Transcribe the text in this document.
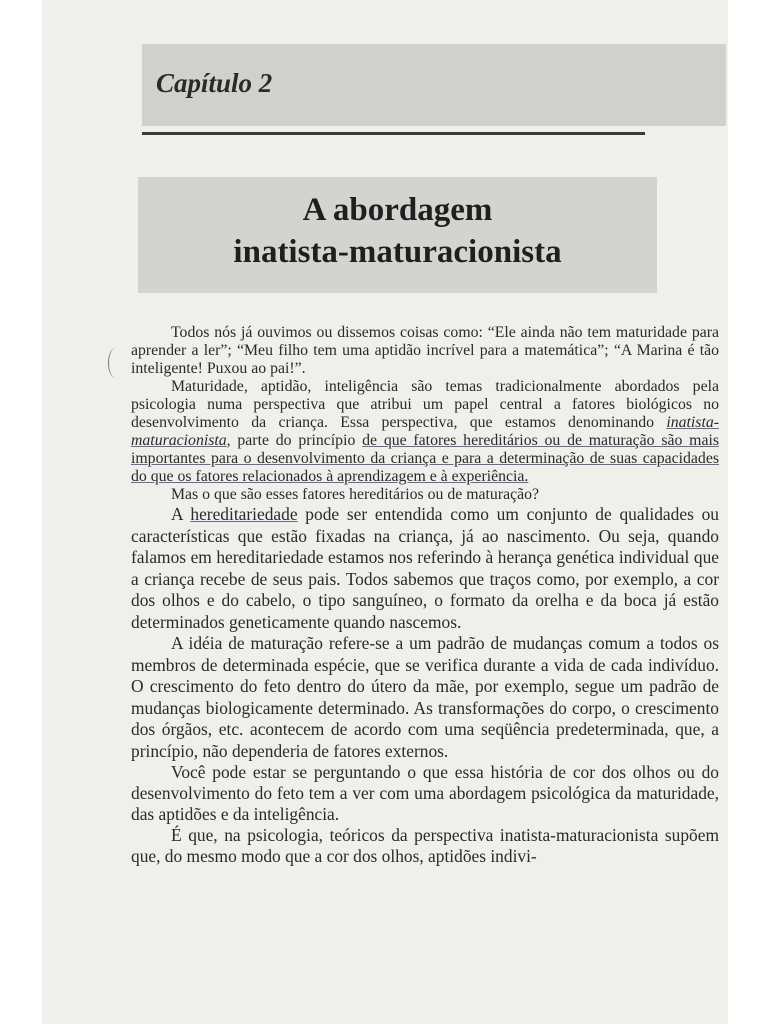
Capítulo 2
A abordagem
inatista-maturacionista

Todos nós já ouvimos ou dissemos coisas como: “Ele ainda não tem maturidade para aprender a ler”; “Meu filho tem uma aptidão incrível para a matemática”; “A Marina é tão inteligente! Puxou ao pai!”.

Maturidade, aptidão, inteligência são temas tradicionalmente abordados pela psicologia numa perspectiva que atribui um papel central a fatores biológicos no desenvolvimento da criança. Essa perspectiva, que estamos denominando inatista-maturacionista, parte do princípio de que fatores hereditários ou de maturação são mais importantes para o desenvolvimento da criança e para a determinação de suas capacidades do que os fatores relacionados à aprendizagem e à experiência.

Mas o que são esses fatores hereditários ou de maturação?

A hereditariedade pode ser entendida como um conjunto de qualidades ou características que estão fixadas na criança, já ao nascimento. Ou seja, quando falamos em hereditariedade estamos nos referindo à herança genética individual que a criança recebe de seus pais. Todos sabemos que traços como, por exemplo, a cor dos olhos e do cabelo, o tipo sanguíneo, o formato da orelha e da boca já estão determinados geneticamente quando nascemos.

A idéia de maturação refere-se a um padrão de mudanças comum a todos os membros de determinada espécie, que se verifica durante a vida de cada indivíduo. O crescimento do feto dentro do útero da mãe, por exemplo, segue um padrão de mudanças biologicamente determinado. As transformações do corpo, o crescimento dos órgãos, etc. acontecem de acordo com uma seqüência predeterminada, que, a princípio, não dependeria de fatores externos.

Você pode estar se perguntando o que essa história de cor dos olhos ou do desenvolvimento do feto tem a ver com uma abordagem psicológica da maturidade, das aptidões e da inteligência.

É que, na psicologia, teóricos da perspectiva inatista-maturacionista supõem que, do mesmo modo que a cor dos olhos, aptidões indivi-
